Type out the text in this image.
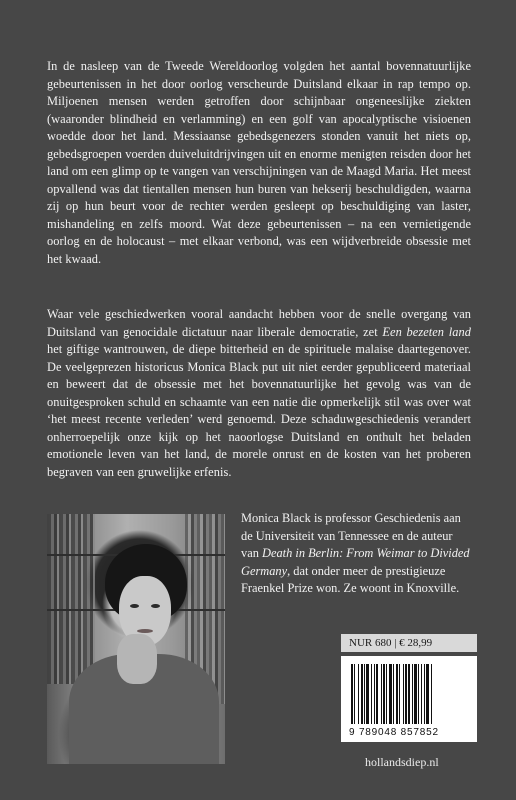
In de nasleep van de Tweede Wereldoorlog volgden het aantal bovennatuurlijke gebeurtenissen in het door oorlog verscheurde Duitsland elkaar in rap tempo op. Miljoenen mensen werden getroffen door schijnbaar ongeneeslijke ziekten (waaronder blindheid en verlamming) en een golf van apocalyptische visioenen woedde door het land. Messiaanse gebedsgenezers stonden vanuit het niets op, gebedsgroepen voerden duiveluitdrijvingen uit en enorme menigten reisden door het land om een glimp op te vangen van verschijningen van de Maagd Maria. Het meest opvallend was dat tientallen mensen hun buren van hekserij beschuldigden, waarna zij op hun beurt voor de rechter werden gesleept op beschuldiging van laster, mishandeling en zelfs moord. Wat deze gebeurtenissen – na een vernietigende oorlog en de holocaust – met elkaar verbond, was een wijdverbreide obsessie met het kwaad.

Waar vele geschiedwerken vooral aandacht hebben voor de snelle overgang van Duitsland van genocidale dictatuur naar liberale democratie, zet Een bezeten land het giftige wantrouwen, de diepe bitterheid en de spirituele malaise daartegenover. De veelgeprezen historicus Monica Black put uit niet eerder gepubliceerd materiaal en beweert dat de obsessie met het bovennatuurlijke het gevolg was van de onuitgesproken schuld en schaamte van een natie die opmerkelijk stil was over wat ‘het meest recente verleden’ werd genoemd. Deze schaduwgeschiedenis verandert onherroepelijk onze kijk op het naoorlogse Duitsland en onthult het beladen emotionele leven van het land, de morele onrust en de kosten van het proberen begraven van een gruwelijke erfenis.

Monica Black is professor Geschiedenis aan de Universiteit van Tennessee en de auteur van Death in Berlin: From Weimar to Divided Germany, dat onder meer de prestigieuze Fraenkel Prize won. Ze woont in Knoxville.

NUR 680 | € 28,99
9 789048 857852
hollandsdiep.nl
